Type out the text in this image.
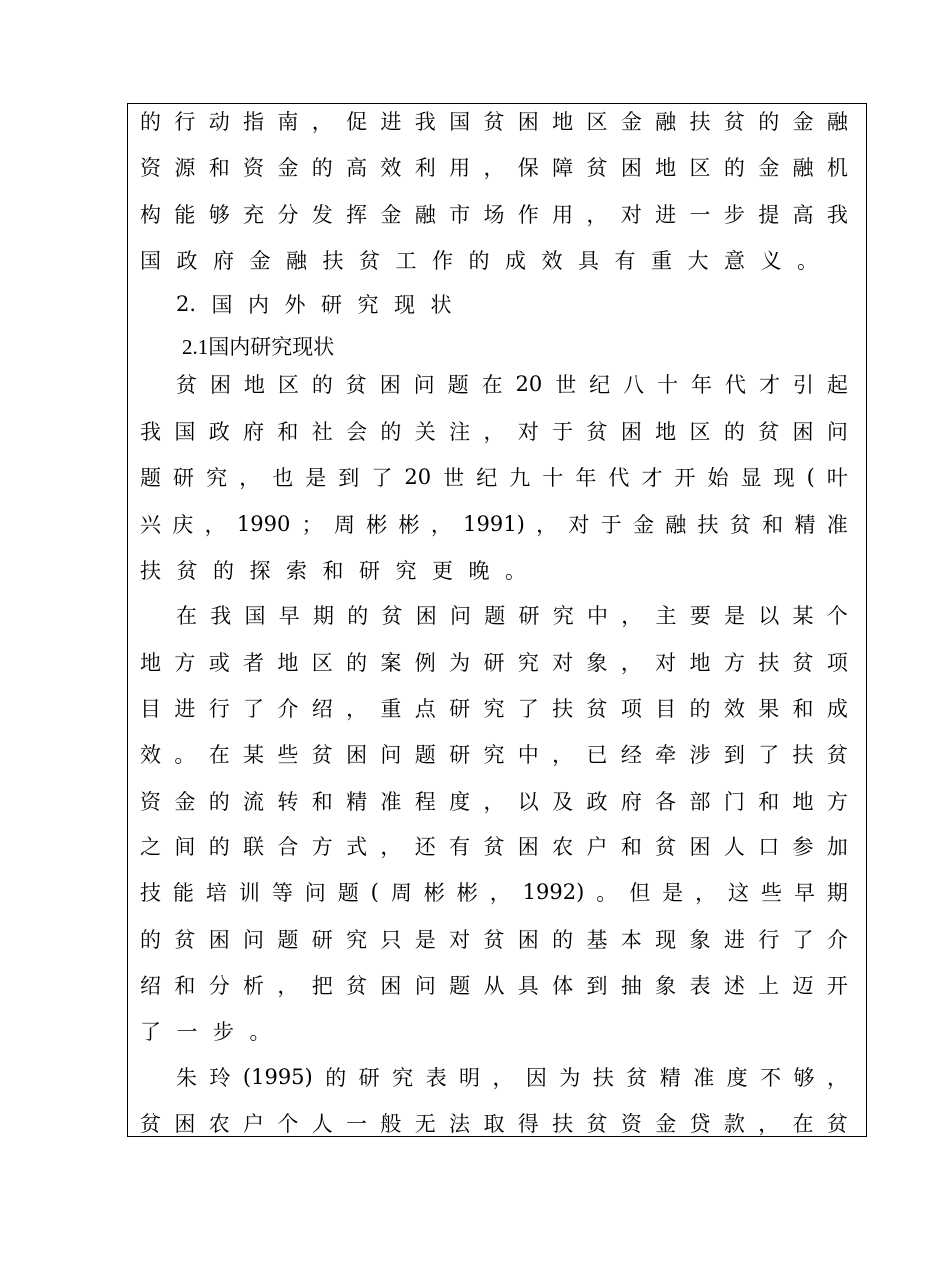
的 行 动 指 南 ， 促 进 我 国 贫 困 地 区 金 融 扶 贫 的 金 融
资 源 和 资 金 的 高 效 利 用 ， 保 障 贫 困 地 区 的 金 融 机
构 能 够 充 分 发 挥 金 融 市 场 作 用 ， 对 进 一 步 提 高 我
国 政 府 金 融 扶 贫 工 作 的 成 效 具 有 重 大 意 义 。
2. 国 内 外 研 究 现 状
2.1国内研究现状
贫 困 地 区 的 贫 困 问 题 在 20 世 纪 八 十 年 代 才 引 起
我 国 政 府 和 社 会 的 关 注 ， 对 于 贫 困 地 区 的 贫 困 问
题 研 究 ， 也 是 到 了 20 世 纪 九 十 年 代 才 开 始 显 现 ( 叶
兴 庆 ， 1990 ； 周 彬 彬 ， 1991) ， 对 于 金 融 扶 贫 和 精 准
扶 贫 的 探 索 和 研 究 更 晚 。
在 我 国 早 期 的 贫 困 问 题 研 究 中 ， 主 要 是 以 某 个
地 方 或 者 地 区 的 案 例 为 研 究 对 象 ， 对 地 方 扶 贫 项
目 进 行 了 介 绍 ， 重 点 研 究 了 扶 贫 项 目 的 效 果 和 成
效 。 在 某 些 贫 困 问 题 研 究 中 ， 已 经 牵 涉 到 了 扶 贫
资 金 的 流 转 和 精 准 程 度 ， 以 及 政 府 各 部 门 和 地 方
之 间 的 联 合 方 式 ， 还 有 贫 困 农 户 和 贫 困 人 口 参 加
技 能 培 训 等 问 题 ( 周 彬 彬 ， 1992) 。 但 是 ， 这 些 早 期
的 贫 困 问 题 研 究 只 是 对 贫 困 的 基 本 现 象 进 行 了 介
绍 和 分 析 ， 把 贫 困 问 题 从 具 体 到 抽 象 表 述 上 迈 开
了 一 步 。
朱 玲 (1995) 的 研 究 表 明 ， 因 为 扶 贫 精 准 度 不 够 ，
贫 困 农 户 个 人 一 般 无 法 取 得 扶 贫 资 金 贷 款 ， 在 贫
